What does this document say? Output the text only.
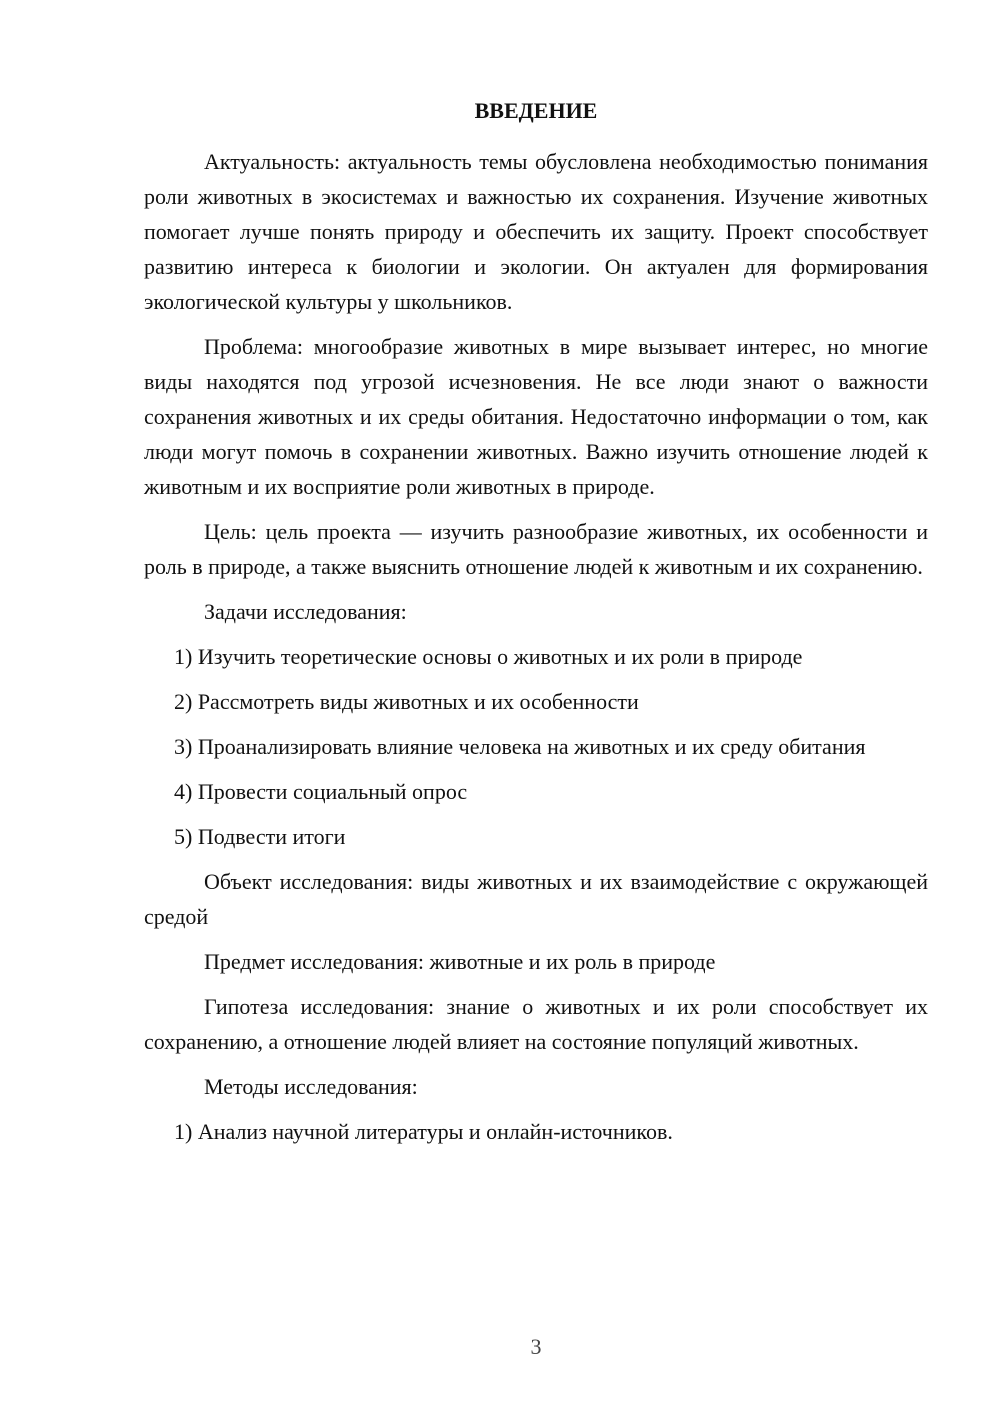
ВВЕДЕНИЕ

Актуальность: актуальность темы обусловлена необходимостью понимания роли животных в экосистемах и важностью их сохранения. Изучение животных помогает лучше понять природу и обеспечить их защиту. Проект способствует развитию интереса к биологии и экологии. Он актуален для формирования экологической культуры у школьников.

Проблема: многообразие животных в мире вызывает интерес, но многие виды находятся под угрозой исчезновения. Не все люди знают о важности сохранения животных и их среды обитания. Недостаточно информации о том, как люди могут помочь в сохранении животных. Важно изучить отношение людей к животным и их восприятие роли животных в природе.

Цель: цель проекта — изучить разнообразие животных, их особенности и роль в природе, а также выяснить отношение людей к животным и их сохранению.

Задачи исследования:

1) Изучить теоретические основы о животных и их роли в природе

2) Рассмотреть виды животных и их особенности

3) Проанализировать влияние человека на животных и их среду обитания

4) Провести социальный опрос

5) Подвести итоги

Объект исследования: виды животных и их взаимодействие с окружающей средой

Предмет исследования: животные и их роль в природе

Гипотеза исследования: знание о животных и их роли способствует их сохранению, а отношение людей влияет на состояние популяций животных.

Методы исследования:

1) Анализ научной литературы и онлайн-источников.

3
